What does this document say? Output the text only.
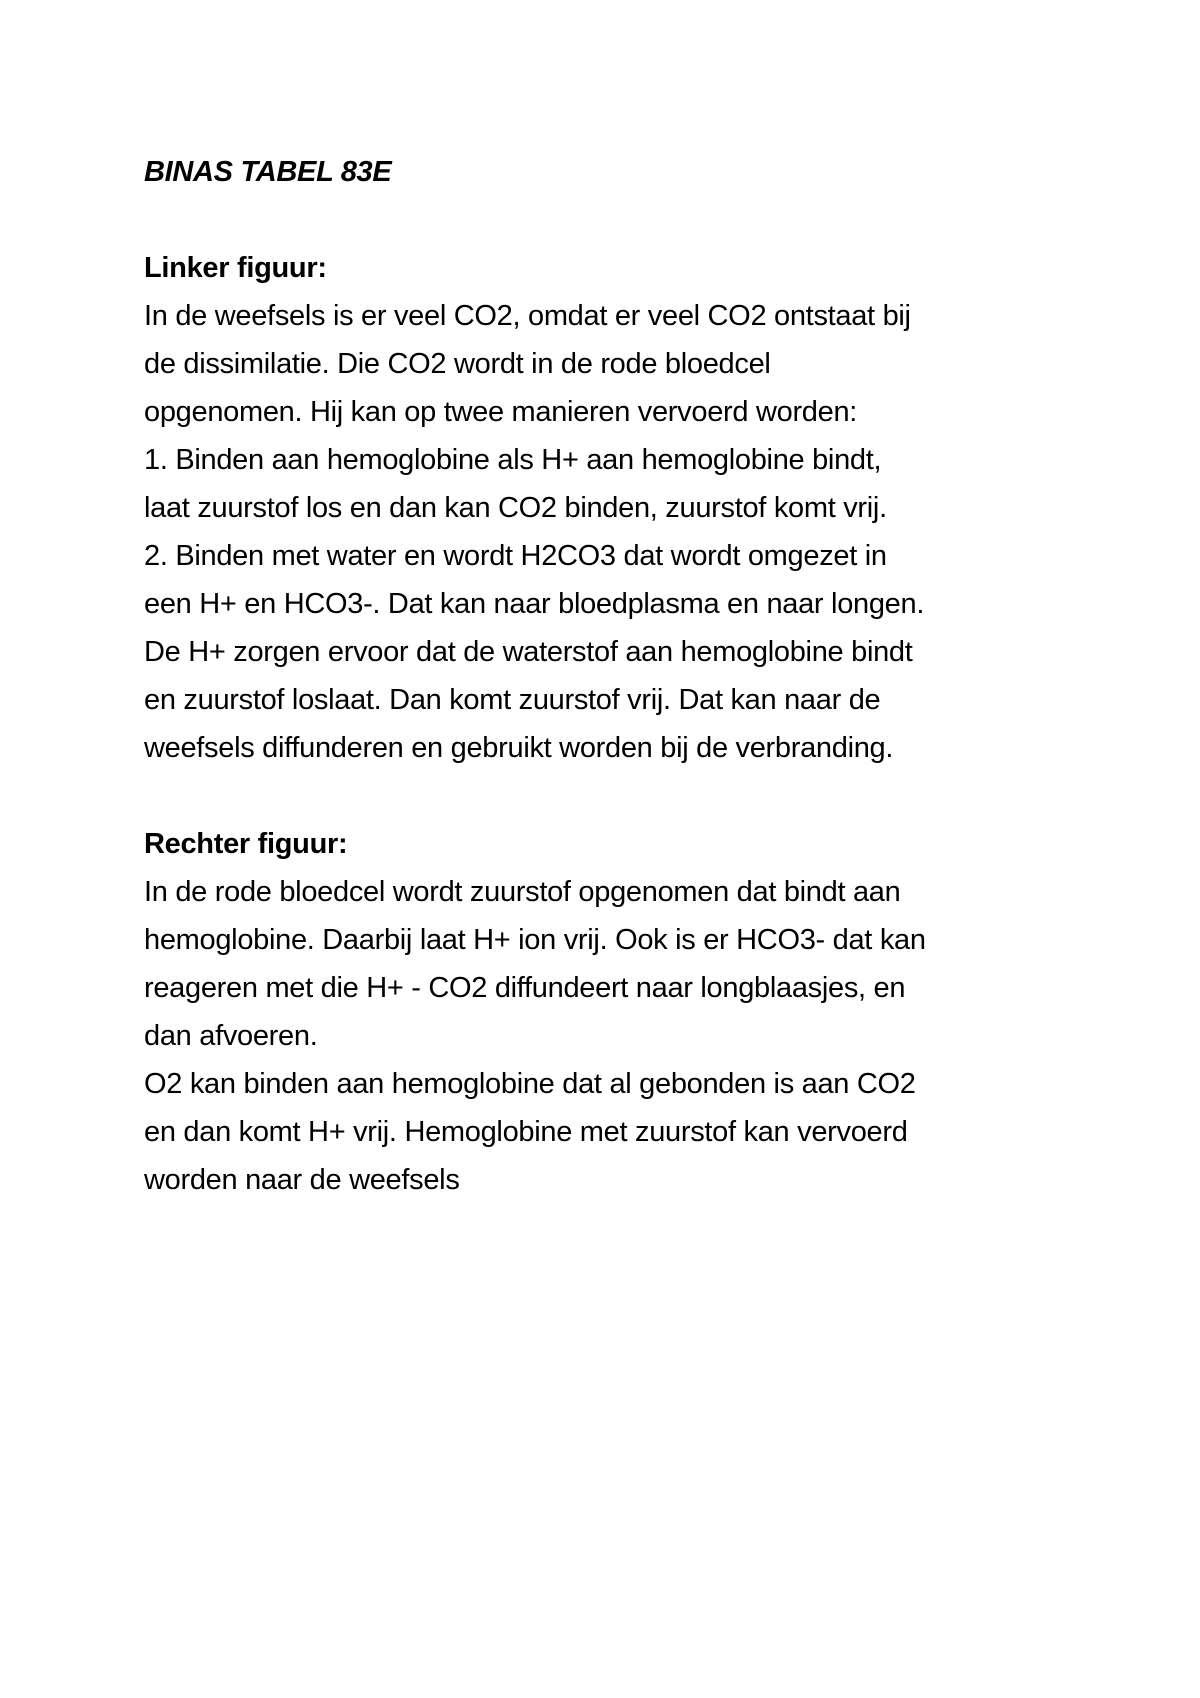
BINAS TABEL 83E

Linker figuur:

In de weefsels is er veel CO2, omdat er veel CO2 ontstaat bij

de dissimilatie. Die CO2 wordt in de rode bloedcel

opgenomen. Hij kan op twee manieren vervoerd worden:

1. Binden aan hemoglobine als H+ aan hemoglobine bindt,

laat zuurstof los en dan kan CO2 binden, zuurstof komt vrij.

2. Binden met water en wordt H2CO3 dat wordt omgezet in

een H+ en HCO3-. Dat kan naar bloedplasma en naar longen.

De H+ zorgen ervoor dat de waterstof aan hemoglobine bindt

en zuurstof loslaat. Dan komt zuurstof vrij. Dat kan naar de

weefsels diffunderen en gebruikt worden bij de verbranding.

Rechter figuur:

In de rode bloedcel wordt zuurstof opgenomen dat bindt aan

hemoglobine. Daarbij laat H+ ion vrij. Ook is er HCO3- dat kan

reageren met die H+ - CO2 diffundeert naar longblaasjes, en

dan afvoeren.

O2 kan binden aan hemoglobine dat al gebonden is aan CO2

en dan komt H+ vrij. Hemoglobine met zuurstof kan vervoerd

worden naar de weefsels
